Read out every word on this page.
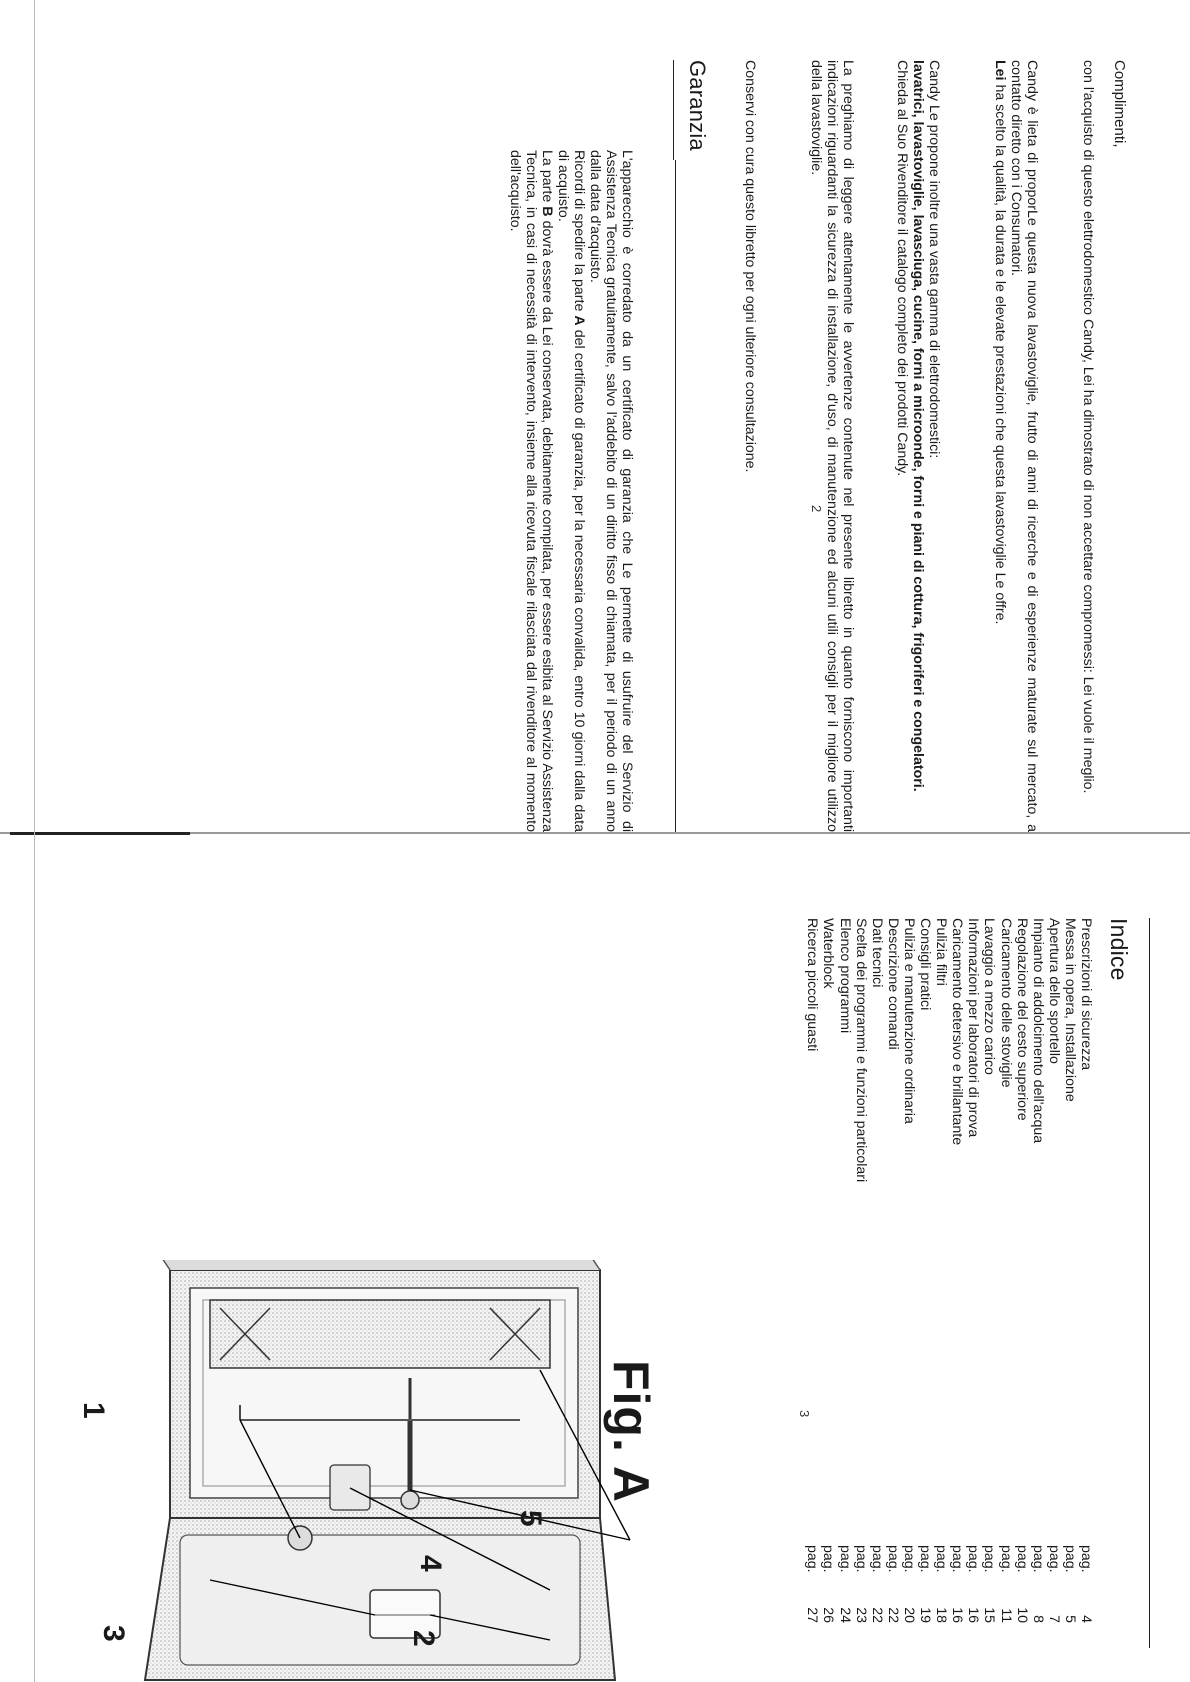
Complimenti,

con l'acquisto di questo elettrodomestico Candy, Lei ha dimostrato di non accettare compromessi: Lei vuole il meglio.

Candy è lieta di proporLe questa nuova lavastoviglie, frutto di anni di ricerche e di esperienze maturate sul mercato, a contatto diretto con i Consumatori.

Lei ha scelto la qualità, la durata e le elevate prestazioni che questa lavastoviglie Le offre.

Candy Le propone inoltre una vasta gamma di elettrodomestici:

lavatrici, lavastoviglie, lavasciuga, cucine, forni a microonde, forni e piani di cottura, frigoriferi e congelatori.

Chieda al Suo Rivenditore il catalogo completo dei prodotti Candy.

La preghiamo di leggere attentamente le avvertenze contenute nel presente libretto in quanto forniscono importanti indicazioni riguardanti la sicurezza di installazione, d'uso, di manutenzione ed alcuni utili consigli per il migliore utilizzo della lavastoviglie.

Conservi con cura questo libretto per ogni ulteriore consultazione.

Garanzia

L'apparecchio è corredato da un certificato di garanzia che Le permette di usufruire del Servizio di Assistenza Tecnica gratuitamente, salvo l'addebito di un diritto fisso di chiamata, per il periodo di un anno dalla data d'acquisto.

Ricordi di spedire la parte A del certificato di garanzia, per la necessaria convalida, entro 10 giorni dalla data di acquisto.

La parte B dovrà essere da Lei conservata, debitamente compilata, per essere esibita al Servizio Assistenza Tecnica, in casi di necessità di intervento, insieme alla ricevuta fiscale rilasciata dal rivenditore al momento dell'acquisto.

2
Indice
Prescrizioni di sicurezza
pag.
4
Messa in opera, Installazione
pag.
5
Apertura dello sportello
pag.
7
Impianto di addolcimento dell'acqua
pag.
8
Regolazione del cesto superiore
pag.
10
Caricamento delle stoviglie
pag.
11
Lavaggio a mezzo carico
pag.
15
Informazioni per laboratori di prova
pag.
16
Caricamento detersivo e brillantante
pag.
16
Pulizia filtri
pag.
18
Consigli pratici
pag.
19
Pulizia e manutenzione ordinaria
pag.
20
Descrizione comandi
pag.
22
Dati tecnici
pag.
22
Scelta dei programmi e funzioni particolari
pag.
23
Elenco programmi
pag.
24
Waterblock
pag.
26
Ricerca piccoli guasti
pag.
27
Fig. A
1
3	2
4
5
3
